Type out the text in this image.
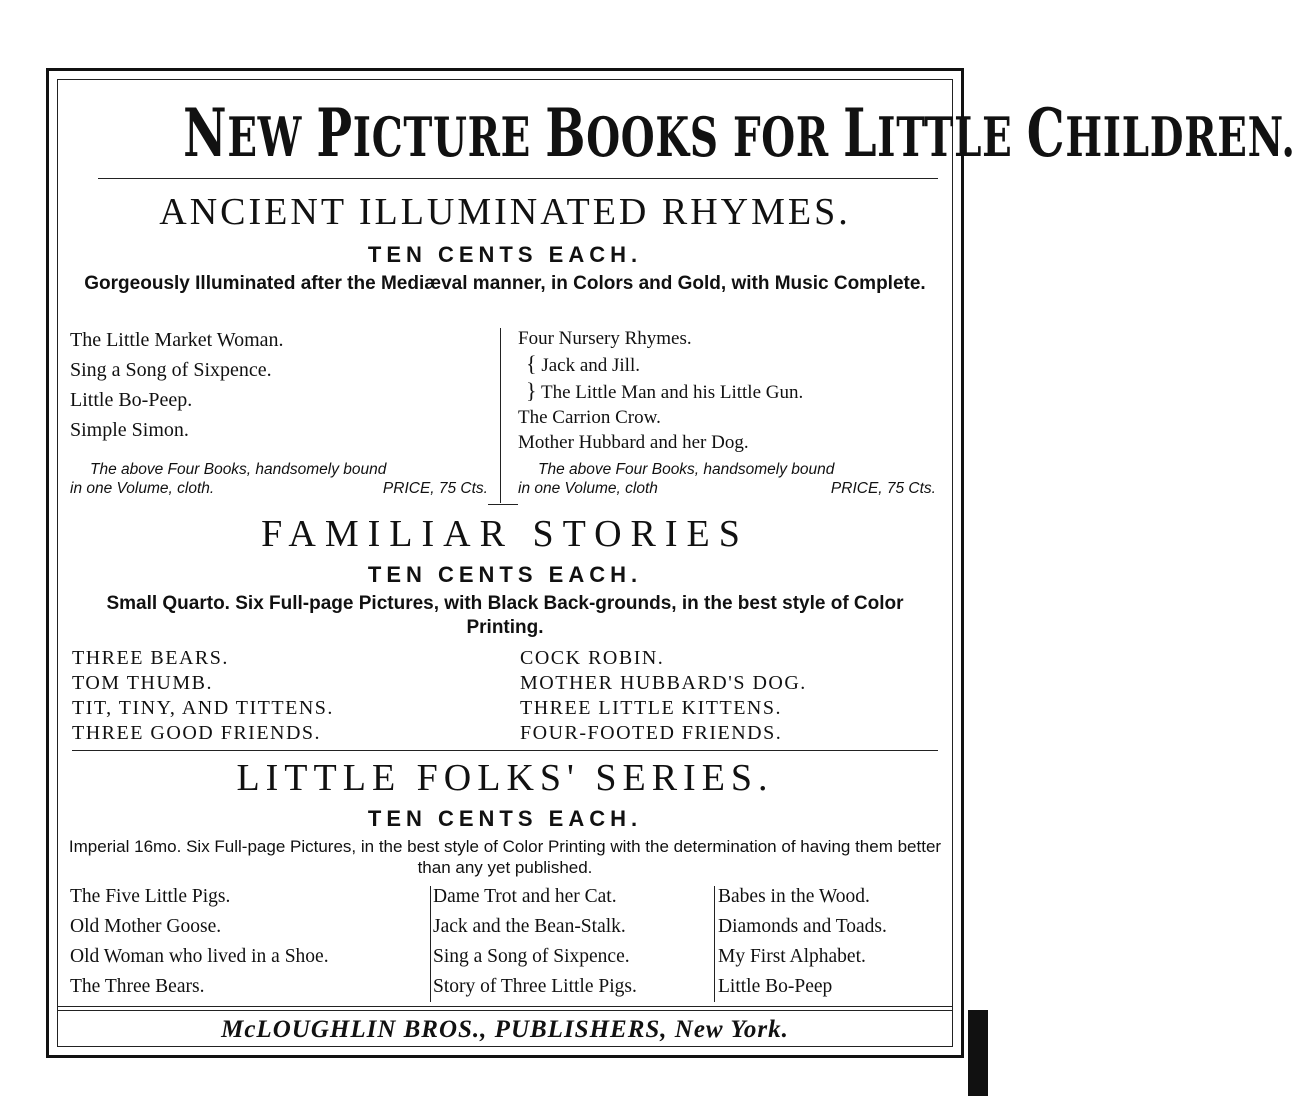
NEW PICTURE BOOKS FOR LITTLE CHILDREN.
ANCIENT ILLUMINATED RHYMES.
TEN CENTS EACH.
Gorgeously Illuminated after the Mediæval manner, in Colors and Gold, with Music Complete.
The Little Market Woman.
Sing a Song of Sixpence.
Little Bo-Peep.
Simple Simon.
Four Nursery Rhymes.
{ Jack and Jill.
} The Little Man and his Little Gun.
The Carrion Crow.
Mother Hubbard and her Dog.
The above Four Books, handsomely bound
in one Volume, cloth.	PRICE, 75 Cts.
The above Four Books, handsomely bound
in one Volume, cloth	PRICE, 75 Cts.
FAMILIAR STORIES
TEN CENTS EACH.
Small Quarto. Six Full-page Pictures, with Black Back-grounds, in the best style of Color Printing.
THREE BEARS.
TOM THUMB.
TIT, TINY, AND TITTENS.
THREE GOOD FRIENDS.
COCK ROBIN.
MOTHER HUBBARD'S DOG.
THREE LITTLE KITTENS.
FOUR-FOOTED FRIENDS.
LITTLE FOLKS' SERIES.
TEN CENTS EACH.
Imperial 16mo. Six Full-page Pictures, in the best style of Color Printing with the determination of having them better than any yet published.
The Five Little Pigs.
Old Mother Goose.
Old Woman who lived in a Shoe.
The Three Bears.
Dame Trot and her Cat.
Jack and the Bean-Stalk.
Sing a Song of Sixpence.
Story of Three Little Pigs.
Babes in the Wood.
Diamonds and Toads.
My First Alphabet.
Little Bo-Peep
McLOUGHLIN BROS., PUBLISHERS, New York.
